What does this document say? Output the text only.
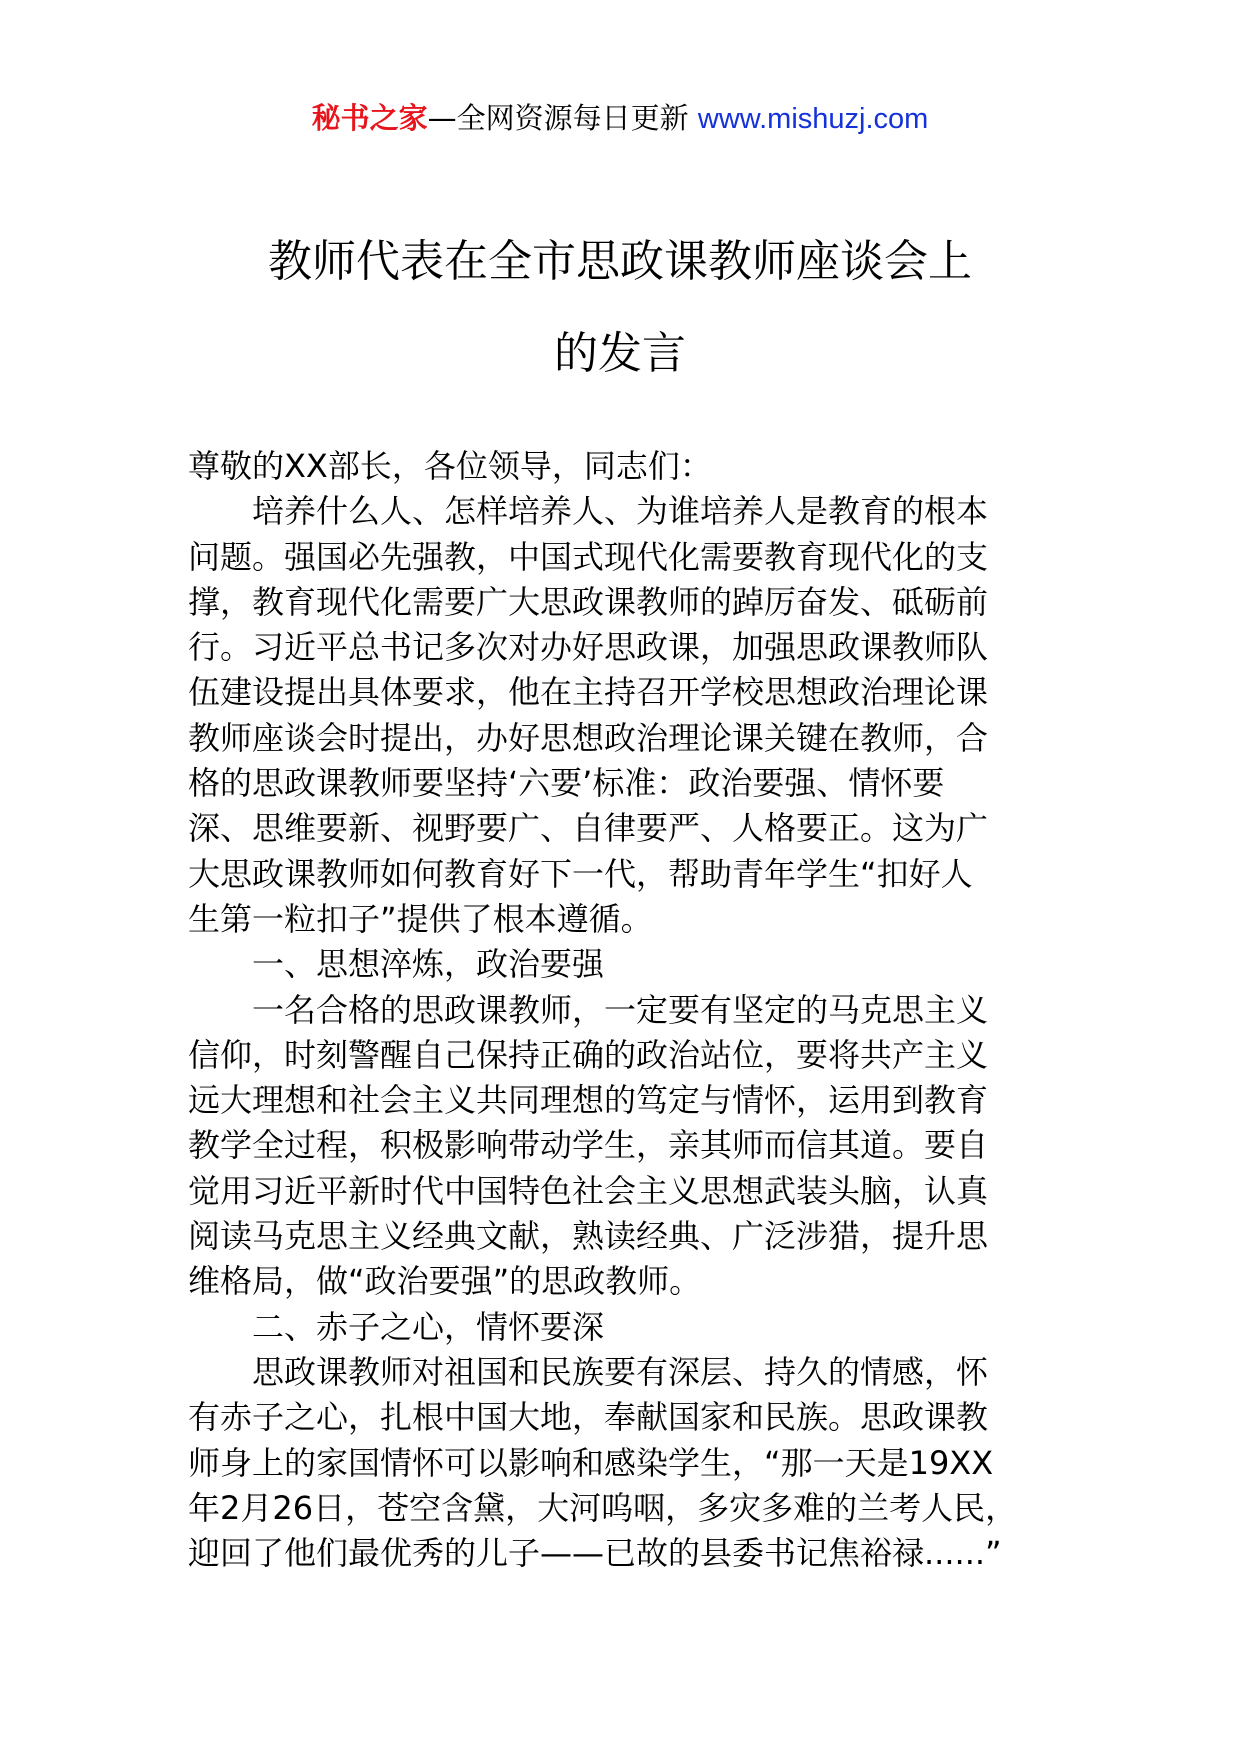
秘书之家—全网资源每日更新 www.mishuzj.com
教师代表在全市思政课教师座谈会上
的发言
尊敬的XX部长，各位领导，同志们：
　　培养什么人、怎样培养人、为谁培养人是教育的根本
问题。强国必先强教，中国式现代化需要教育现代化的支
撑，教育现代化需要广大思政课教师的踔厉奋发、砥砺前
行。习近平总书记多次对办好思政课，加强思政课教师队
伍建设提出具体要求，他在主持召开学校思想政治理论课
教师座谈会时提出，办好思想政治理论课关键在教师，合
格的思政课教师要坚持‘六要’标准：政治要强、情怀要
深、思维要新、视野要广、自律要严、人格要正。这为广
大思政课教师如何教育好下一代，帮助青年学生“扣好人
生第一粒扣子”提供了根本遵循。
　　一、思想淬炼，政治要强
　　一名合格的思政课教师，一定要有坚定的马克思主义
信仰，时刻警醒自己保持正确的政治站位，要将共产主义
远大理想和社会主义共同理想的笃定与情怀，运用到教育
教学全过程，积极影响带动学生，亲其师而信其道。要自
觉用习近平新时代中国特色社会主义思想武装头脑，认真
阅读马克思主义经典文献，熟读经典、广泛涉猎，提升思
维格局，做“政治要强”的思政教师。
　　二、赤子之心，情怀要深
　　思政课教师对祖国和民族要有深层、持久的情感，怀
有赤子之心，扎根中国大地，奉献国家和民族。思政课教
师身上的家国情怀可以影响和感染学生，“那一天是19XX
年2月26日，苍空含黛，大河呜咽，多灾多难的兰考人民，
迎回了他们最优秀的儿子——已故的县委书记焦裕禄......”
